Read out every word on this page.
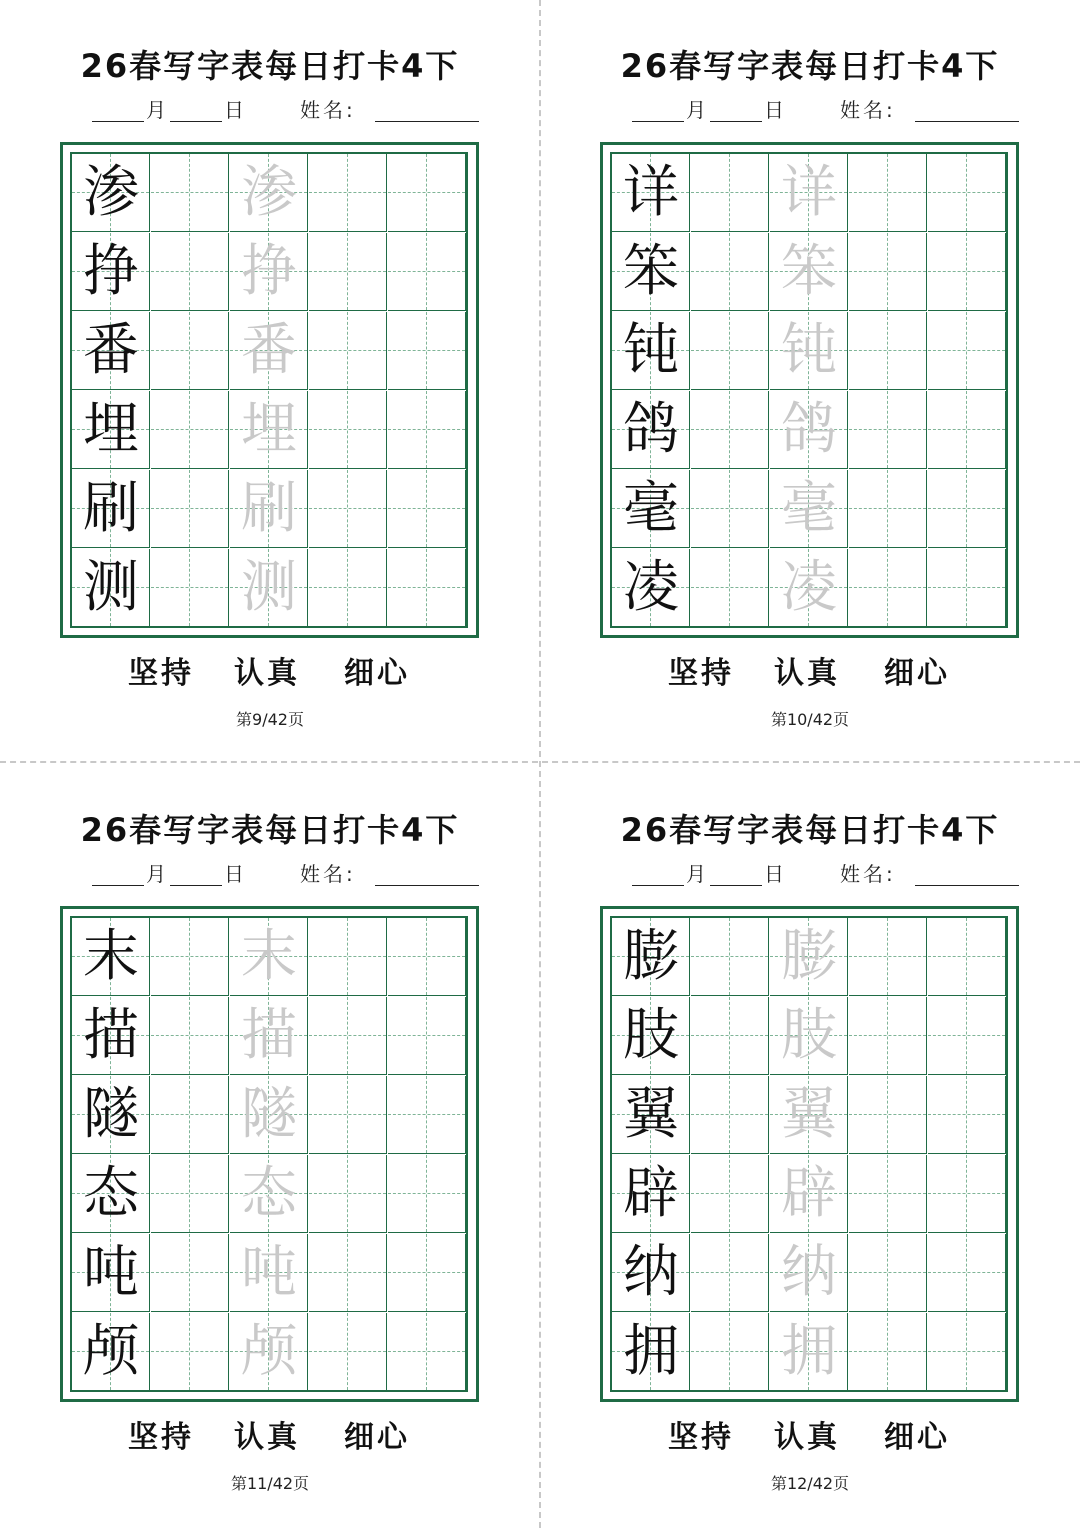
26春写字表每日打卡4下
月	日	姓名:
渗 渗
挣 挣
番 番
埋 埋
刷 刷
测 测
坚持 认真 细心
第9/42页
26春写字表每日打卡4下
月	日	姓名:
详 详
笨 笨
钝 钝
鸽 鸽
毫 毫
凌 凌
坚持 认真 细心
第10/42页
26春写字表每日打卡4下
月	日	姓名:
末 末
描 描
隧 隧
态 态
吨 吨
颅 颅
坚持 认真 细心
第11/42页
26春写字表每日打卡4下
月	日	姓名:
膨 膨
肢 肢
翼 翼
辟 辟
纳 纳
拥 拥
坚持 认真 细心
第12/42页
